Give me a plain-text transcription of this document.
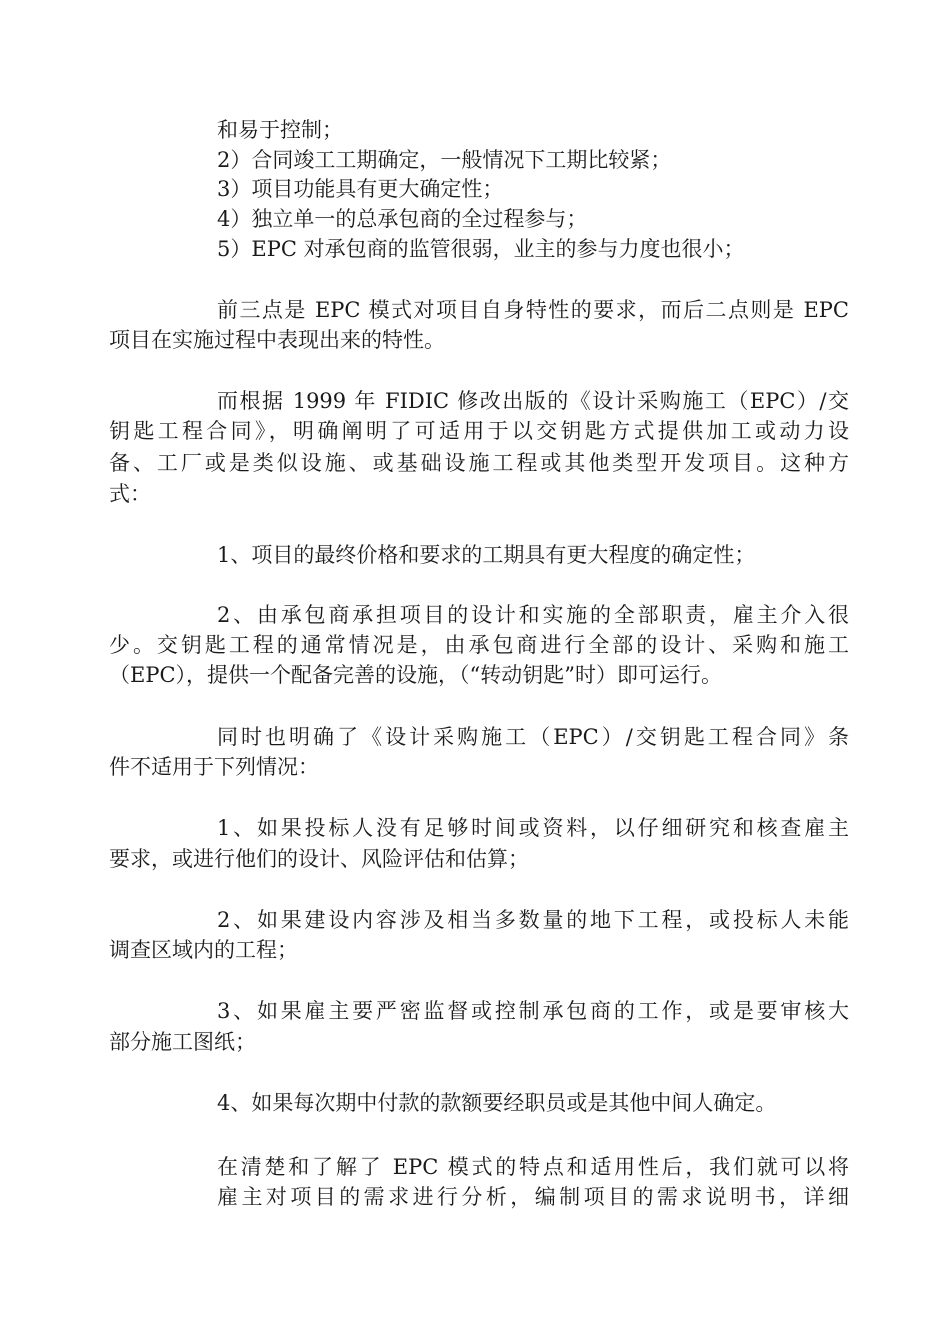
和易于控制；
2）合同竣工工期确定，一般情况下工期比较紧；
3）项目功能具有更大确定性；
4）独立单一的总承包商的全过程参与；
5）EPC 对承包商的监管很弱，业主的参与力度也很小；
前三点是 EPC 模式对项目自身特性的要求，而后二点则是 EPC
项目在实施过程中表现出来的特性。
而根据 1999 年 FIDIC 修改出版的《设计采购施工（EPC）/交
钥匙工程合同》，明确阐明了可适用于以交钥匙方式提供加工或动力设
备、工厂或是类似设施、或基础设施工程或其他类型开发项目。这种方
式：
1、项目的最终价格和要求的工期具有更大程度的确定性；
2、由承包商承担项目的设计和实施的全部职责，雇主介入很
少。交钥匙工程的通常情况是，由承包商进行全部的设计、采购和施工
（EPC），提供一个配备完善的设施，（“转动钥匙”时）即可运行。
同时也明确了《设计采购施工（EPC）/交钥匙工程合同》条
件不适用于下列情况：
1、如果投标人没有足够时间或资料，以仔细研究和核查雇主
要求，或进行他们的设计、风险评估和估算；
2、如果建设内容涉及相当多数量的地下工程，或投标人未能
调查区域内的工程；
3、如果雇主要严密监督或控制承包商的工作，或是要审核大
部分施工图纸；
4、如果每次期中付款的款额要经职员或是其他中间人确定。
在清楚和了解了 EPC 模式的特点和适用性后，我们就可以将
雇主对项目的需求进行分析，编制项目的需求说明书，详细
